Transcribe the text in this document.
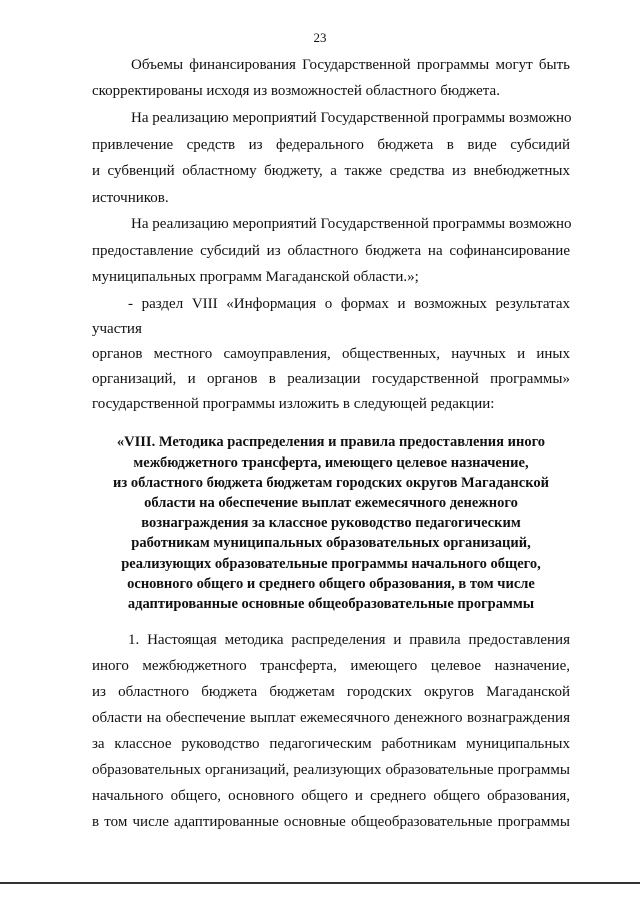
23
Объемы финансирования Государственной программы могут быть
скорректированы исходя из возможностей областного бюджета.
На реализацию мероприятий Государственной программы возможно
привлечение средств из федерального бюджета в виде субсидий
и субвенций областному бюджету, а также средства из внебюджетных
источников.
На реализацию мероприятий Государственной программы возможно
предоставление субсидий из областного бюджета на софинансирование
муниципальных программ Магаданской области.»;
- раздел VIII «Информация о формах и возможных результатах
участия
органов местного самоуправления, общественных, научных и иных
организаций, и органов в реализации государственной программы»
государственной программы изложить в следующей редакции:
«VIII. Методика распределения и правила предоставления иного
межбюджетного трансферта, имеющего целевое назначение,
из областного бюджета бюджетам городских округов Магаданской
области на обеспечение выплат ежемесячного денежного
вознаграждения за классное руководство педагогическим
работникам муниципальных образовательных организаций,
реализующих образовательные программы начального общего,
основного общего и среднего общего образования, в том числе
адаптированные основные общеобразовательные программы
1. Настоящая методика распределения и правила предоставления
иного межбюджетного трансферта, имеющего целевое назначение,
из областного бюджета бюджетам городских округов Магаданской
области на обеспечение выплат ежемесячного денежного вознаграждения
за классное руководство педагогическим работникам муниципальных
образовательных организаций, реализующих образовательные программы
начального общего, основного общего и среднего общего образования,
в том числе адаптированные основные общеобразовательные программы
